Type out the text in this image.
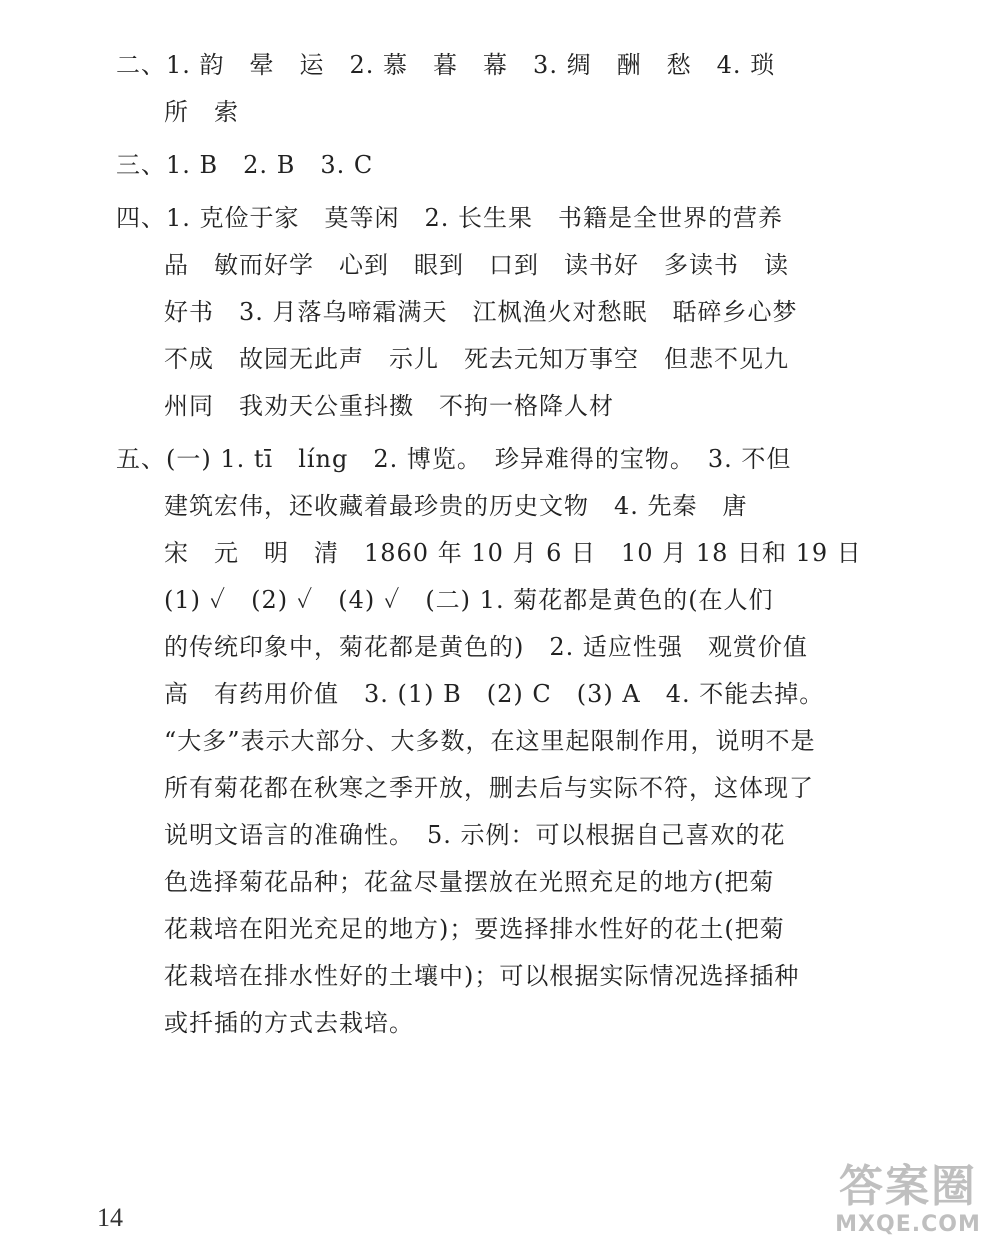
二、1. 韵　晕　运　2. 慕　暮　幕　3. 绸　酬　愁　4. 琐
所　索
三、1. B　2. B　3. C
四、1. 克俭于家　莫等闲　2. 长生果　书籍是全世界的营养
品　敏而好学　心到　眼到　口到　读书好　多读书　读
好书　3. 月落乌啼霜满天　江枫渔火对愁眠　聒碎乡心梦
不成　故园无此声　示儿　死去元知万事空　但悲不见九
州同　我劝天公重抖擞　不拘一格降人材
五、(一) 1. tī　líng　2. 博览。　珍异难得的宝物。　3. 不但
建筑宏伟，还收藏着最珍贵的历史文物　4. 先秦　唐
宋　元　明　清　1860 年 10 月 6 日　10 月 18 日和 19 日
(1) ✓　(2) ✓　(4) ✓　(二) 1. 菊花都是黄色的(在人们
的传统印象中，菊花都是黄色的)　2. 适应性强　观赏价值
高　有药用价值　3. (1) B　(2) C　(3) A　4. 不能去掉。
“大多”表示大部分、大多数，在这里起限制作用，说明不是
所有菊花都在秋寒之季开放，删去后与实际不符，这体现了
说明文语言的准确性。　5. 示例：可以根据自己喜欢的花
色选择菊花品种；花盆尽量摆放在光照充足的地方(把菊
花栽培在阳光充足的地方)；要选择排水性好的花土(把菊
花栽培在排水性好的土壤中)；可以根据实际情况选择插种
或扦插的方式去栽培。
14
答案圈
MXQE.COM
